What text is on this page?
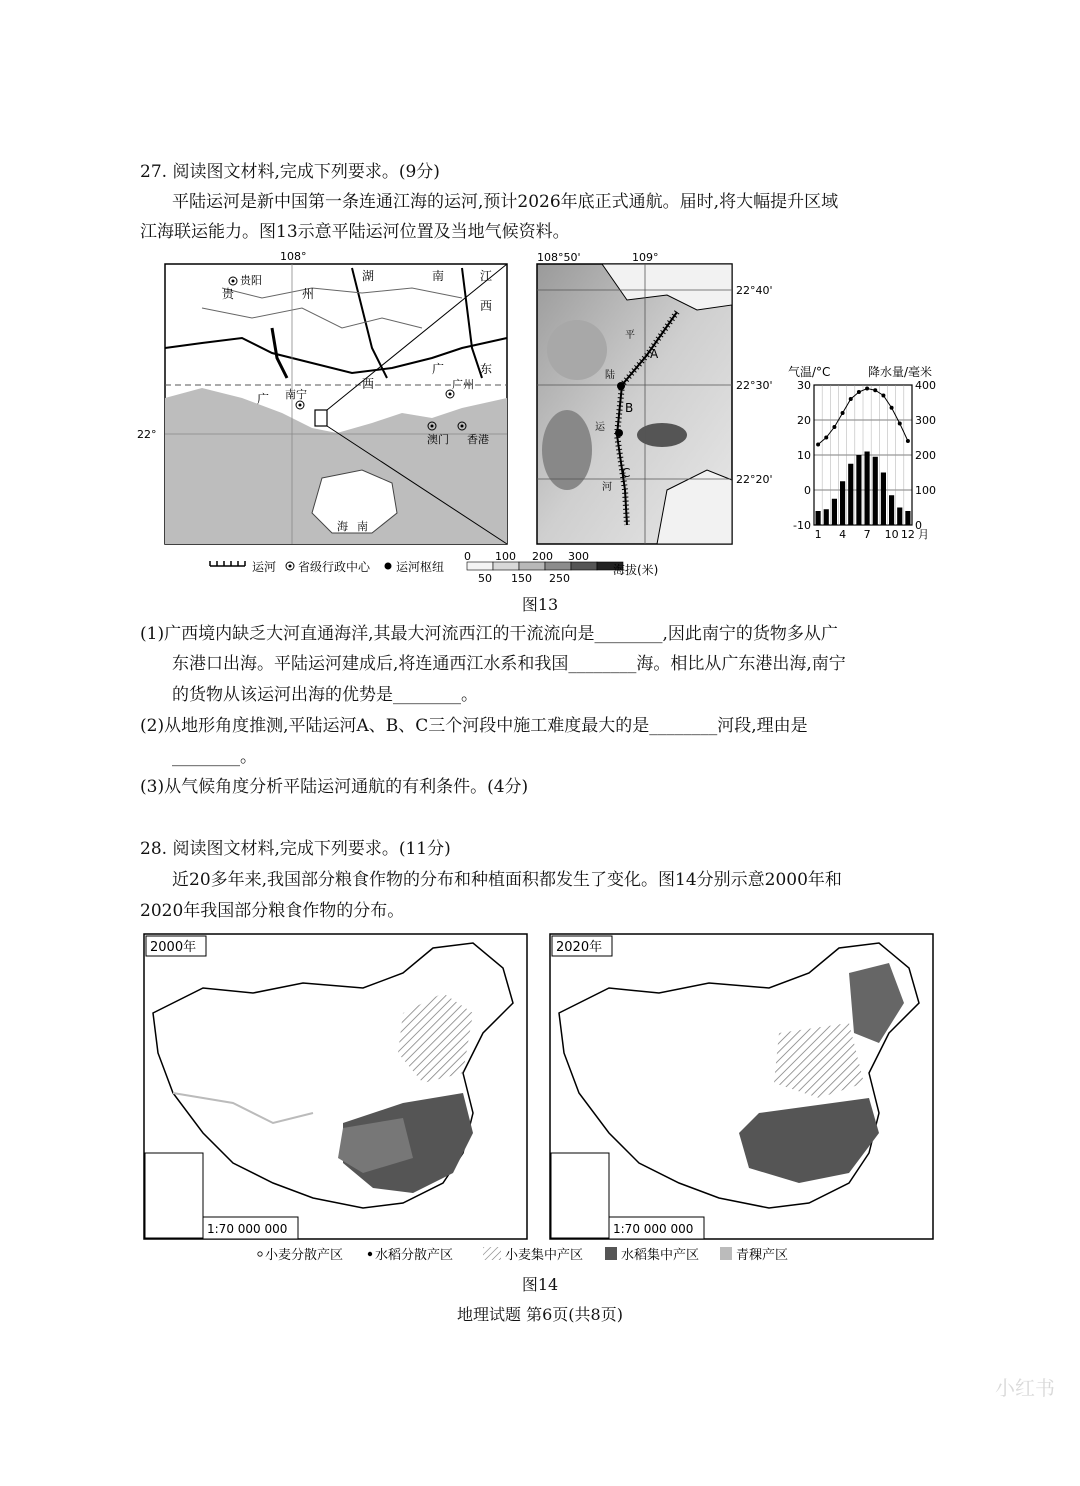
27. 阅读图文材料,完成下列要求。(9分)
平陆运河是新中国第一条连通江海的运河,预计2026年底正式通航。届时,将大幅提升区域
江海联运能力。图13示意平陆运河位置及当地气候资料。
108°
22°
贵阳
南宁
广州
澳门 香港
贵	州
湖	南	江
西
广	东
广
西
海 南
108°50'	109°
22°40'
22°30'
22°20'
A
B
C
平
陆
运
河
气温/°C	降水量/毫米
30
20
10
0
-10
400
300
200
100
0
1 4 7 10 12 月
运河 省级行政中心 运河枢纽
0 100 200 300
50 150 250
海拔(米)
图13
(1)广西境内缺乏大河直通海洋,其最大河流西江的干流流向是________,因此南宁的货物多从广
东港口出海。平陆运河建成后,将连通西江水系和我国________海。相比从广东港出海,南宁
的货物从该运河出海的优势是________。
(2)从地形角度推测,平陆运河A、B、C三个河段中施工难度最大的是________河段,理由是
________。
(3)从气候角度分析平陆运河通航的有利条件。(4分)
28. 阅读图文材料,完成下列要求。(11分)
近20多年来,我国部分粮食作物的分布和种植面积都发生了变化。图14分别示意2000年和
2020年我国部分粮食作物的分布。
2000年
1:70 000 000
2020年
1:70 000 000
小麦分散产区 水稻分散产区	小麦集中产区	水稻集中产区	青稞产区
图14
地理试题 第6页(共8页)
小红书
